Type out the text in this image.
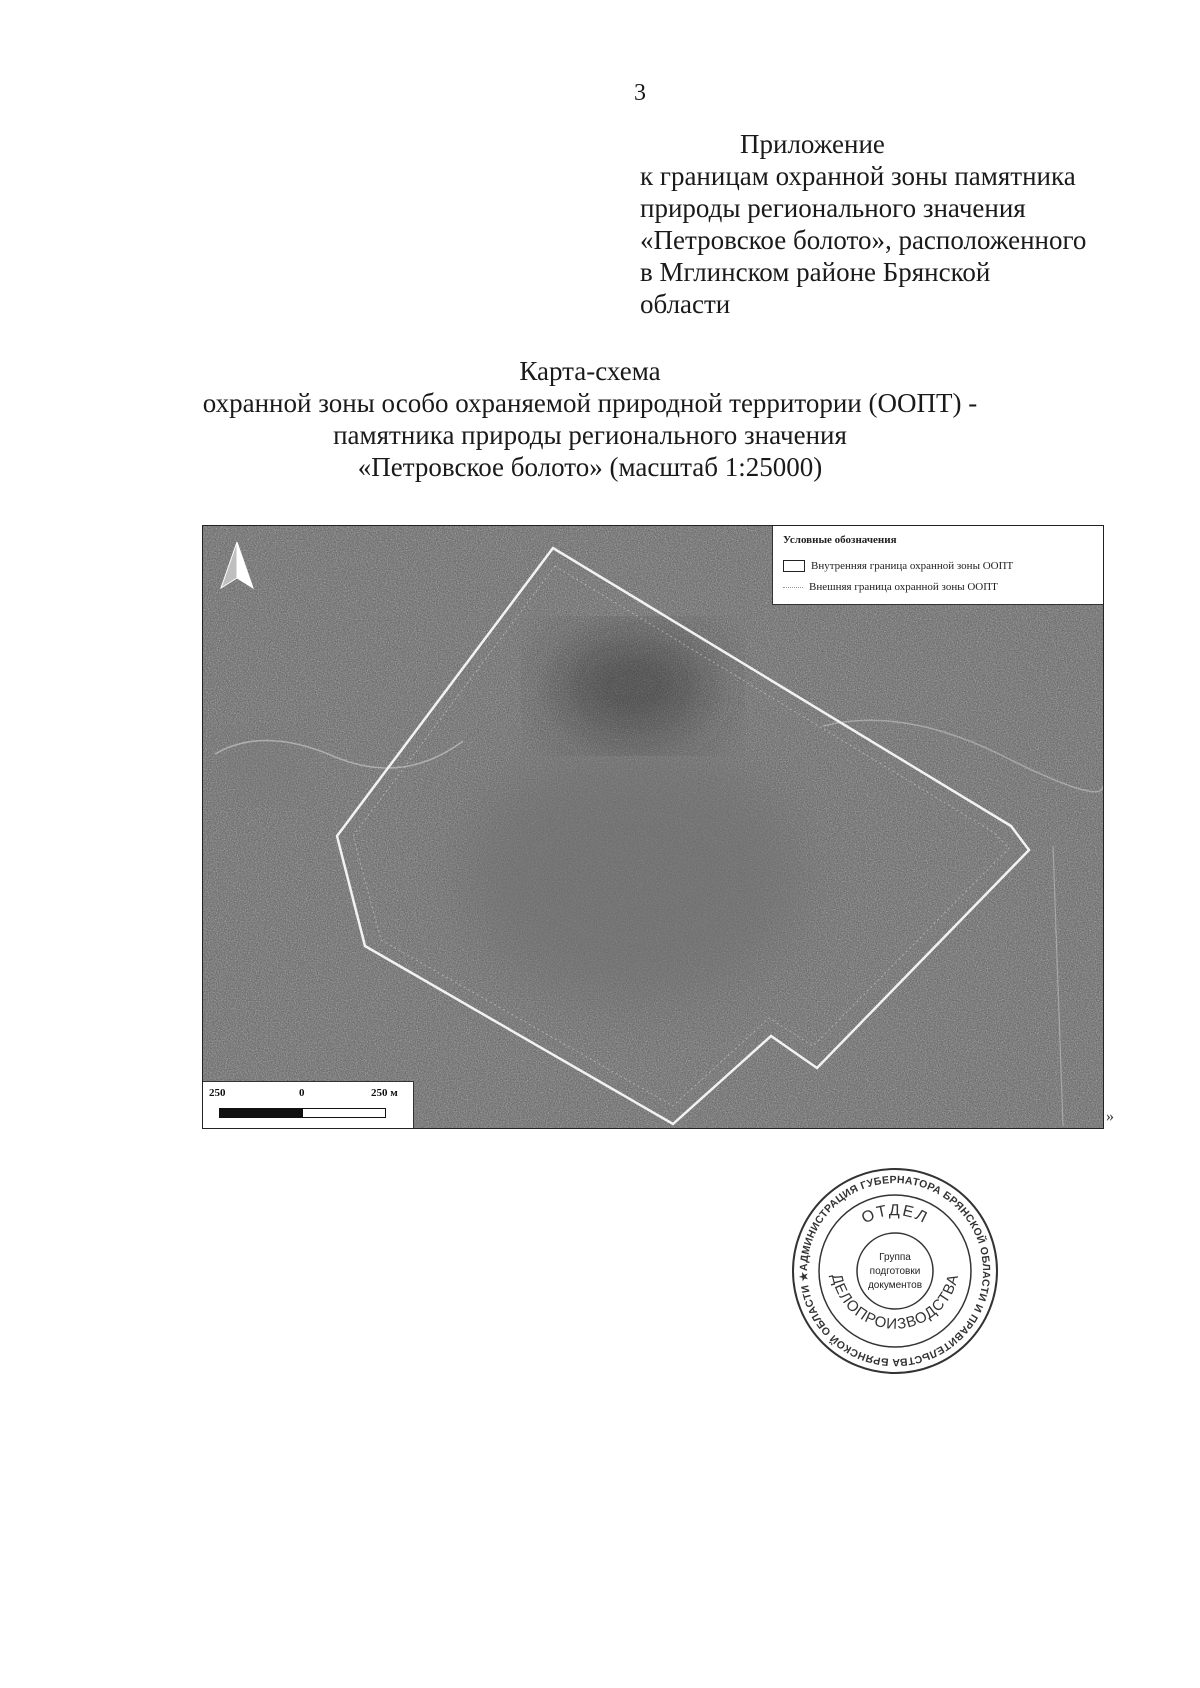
3
Приложение
к границам охранной зоны памятника
природы регионального значения
«Петровское болото», расположенного
в Мглинском районе Брянской
области
Карта-схема
охранной зоны особо охраняемой природной территории (ООПТ) -
памятника природы регионального значения
«Петровское болото» (масштаб 1:25000)
Условные обозначения
Внутренняя граница охранной зоны ООПТ
Внешняя граница охранной зоны ООПТ
250	0	250 м
»
АДМИНИСТРАЦИЯ ГУБЕРНАТОРА БРЯНСКОЙ ОБЛАСТИ И ПРАВИТЕЛЬСТВА БРЯНСКОЙ ОБЛАСТИ ★
ОТДЕЛ
ДЕЛОПРОИЗВОДСТВА
Группа
подготовки
документов
